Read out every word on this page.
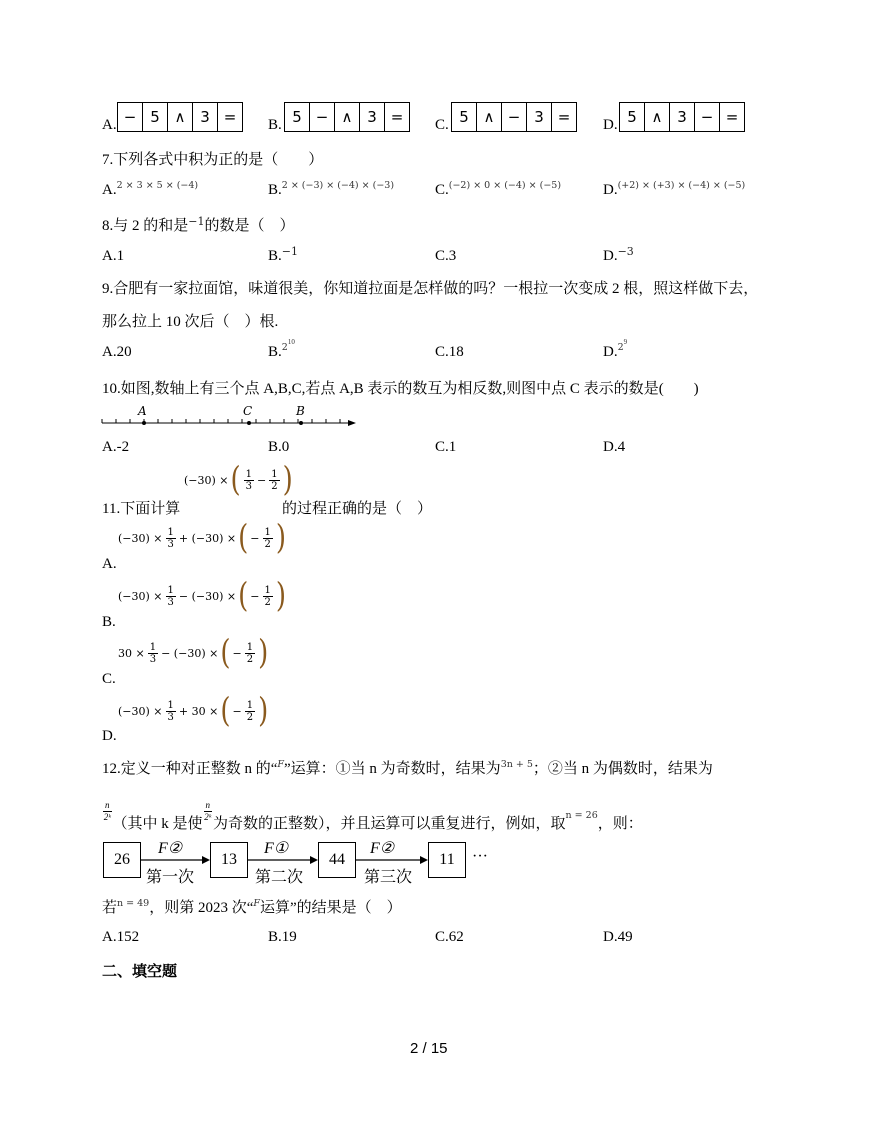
A. − 5 ∧ 3 =	B. 5 − ∧ 3 =	C. 5 ∧ − 3 =	D. 5 ∧ 3 − =
7.下列各式中积为正的是（　　）
A.$^{2 \times 3 \times 5 \times (-4)}$	B.$^{2 \times (-3) \times (-4) \times (-3)}$	C.$^{(-2) \times 0 \times (-4) \times (-5)}$	D.$^{(+2) \times (+3) \times (-4) \times (-5)}$
8.与 2 的和是$^{-1}$的数是（　）
A.1	B.$^{-1}$	C.3	D.$^{-3}$
9.合肥有一家拉面馆，味道很美，你知道拉面是怎样做的吗？一根拉一次变成 2 根，照这样做下去，
那么拉上 10 次后（　）根.
A.20	B.$^{210}$
C.18	D.$^{29}$
10.如图,数轴上有三个点 A,B,C,若点 A,B 表示的数互为相反数,则图中点 C 表示的数是(　　)
A	C	B
A.-2	B.0	C.1	D.4
11.下面计算
(−30) × ( $\frac{1}{3} - \frac{1}{2}$ )
的过程正确的是（　）
$(-30) \times \frac{1}{3} + (-30)$ × ( − $\frac{1}{2}$ )
A.
$(-30) \times \frac{1}{3} - (-30)$ × ( − $\frac{1}{2}$ )
B.
$30 \times \frac{1}{3} - (-30)$ × ( − $\frac{1}{2}$ )
C.
$(-30) \times \frac{1}{3} + 30$ × ( − $\frac{1}{2}$ )
D.
12.定义一种对正整数 n 的“$^F$”运算：①当 n 为奇数时，结果为$^{3n + 5}$；②当 n 为偶数时，结果为
$\frac{n}{\text{2ᵏ}}$
（其中 k 是使
$\frac{n}{\text{2ᵏ}}$
为奇数的正整数），并且运算可以重复进行，例如，取
n = 26
，则：
26	13	44	11
F②	F①	F②
第一次	第二次	第三次
···
若$^{n = 49}$，则第 2023 次“$^F$运算”的结果是（　）
A.152	B.19	C.62	D.49
二、填空题
2 / 15
